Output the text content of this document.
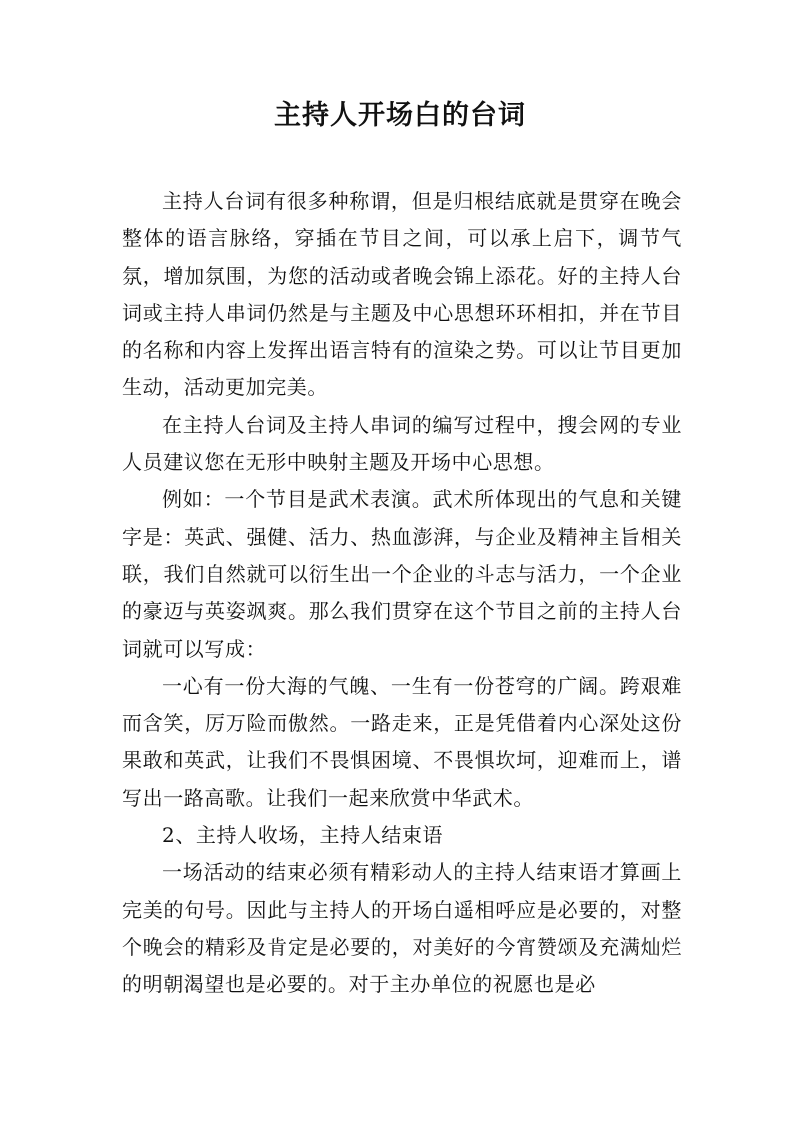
主持人开场白的台词

主持人台词有很多种称谓，但是归根结底就是贯穿在晚会整体的语言脉络，穿插在节目之间，可以承上启下，调节气氛，增加氛围，为您的活动或者晚会锦上添花。好的主持人台词或主持人串词仍然是与主题及中心思想环环相扣，并在节目的名称和内容上发挥出语言特有的渲染之势。可以让节目更加生动，活动更加完美。

在主持人台词及主持人串词的编写过程中，搜会网的专业人员建议您在无形中映射主题及开场中心思想。

例如：一个节目是武术表演。武术所体现出的气息和关键字是：英武、强健、活力、热血澎湃，与企业及精神主旨相关联，我们自然就可以衍生出一个企业的斗志与活力，一个企业的豪迈与英姿飒爽。那么我们贯穿在这个节目之前的主持人台词就可以写成：

一心有一份大海的气魄、一生有一份苍穹的广阔。跨艰难而含笑，厉万险而傲然。一路走来，正是凭借着内心深处这份果敢和英武，让我们不畏惧困境、不畏惧坎坷，迎难而上，谱写出一路高歌。让我们一起来欣赏中华武术。

2、主持人收场，主持人结束语

一场活动的结束必须有精彩动人的主持人结束语才算画上完美的句号。因此与主持人的开场白遥相呼应是必要的，对整个晚会的精彩及肯定是必要的，对美好的今宵赞颂及充满灿烂的明朝渴望也是必要的。对于主办单位的祝愿也是必
